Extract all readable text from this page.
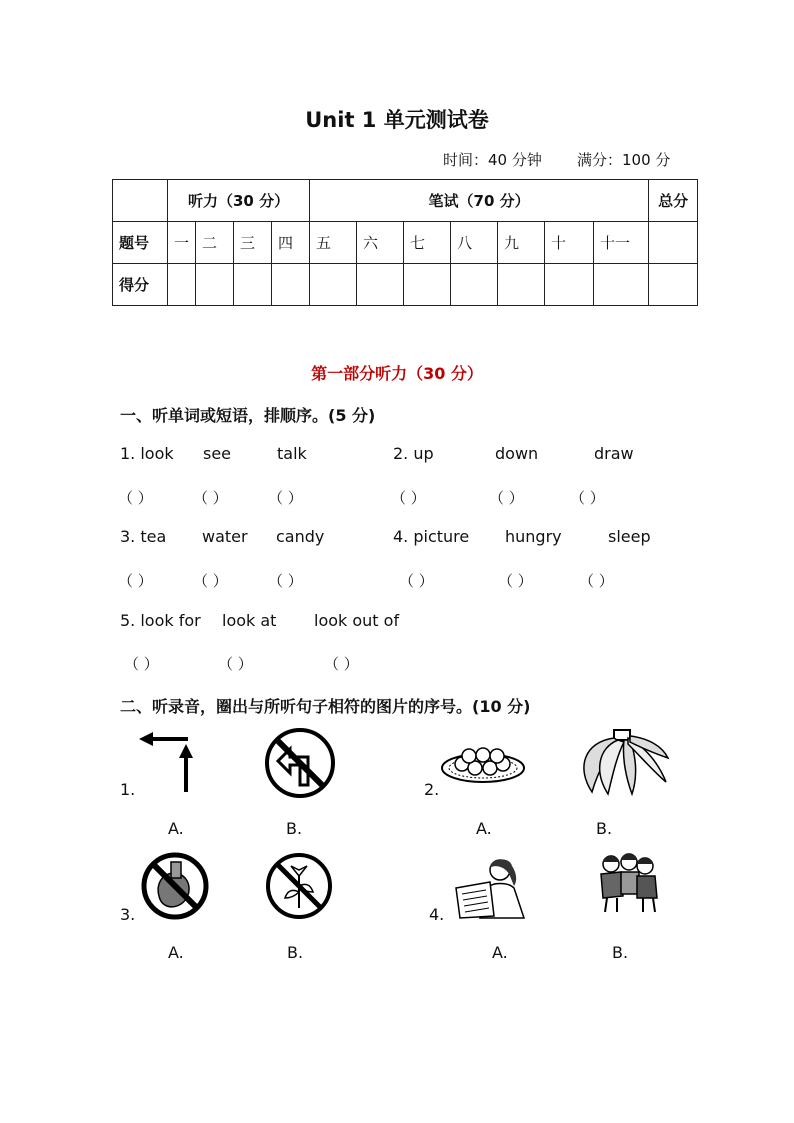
Unit 1 单元测试卷
时间：40 分钟 满分：100 分
	听力（30 分）				笔试（70 分）							总分
题号	一	二	三	四	五	六	七	八	九	十	十一	
得分												
第一部分听力（30 分）
一、听单词或短语，排顺序。(5 分)
1. look see	talk	2. up	down	draw
（ ）	（ ）	（ ）	（ ）	（ ）	（ ）
3. tea water candy	4. picture hungry	sleep
（ ）	（ ）	（ ）	（ ）	（ ）	（ ）
5. look for look at look out of
（ ）	（ ）	（ ）
二、听录音，圈出与所听句子相符的图片的序号。(10 分)
1.
A.	B.
2.
A.	B.
3.
A.	B.
4.
A.	B.
